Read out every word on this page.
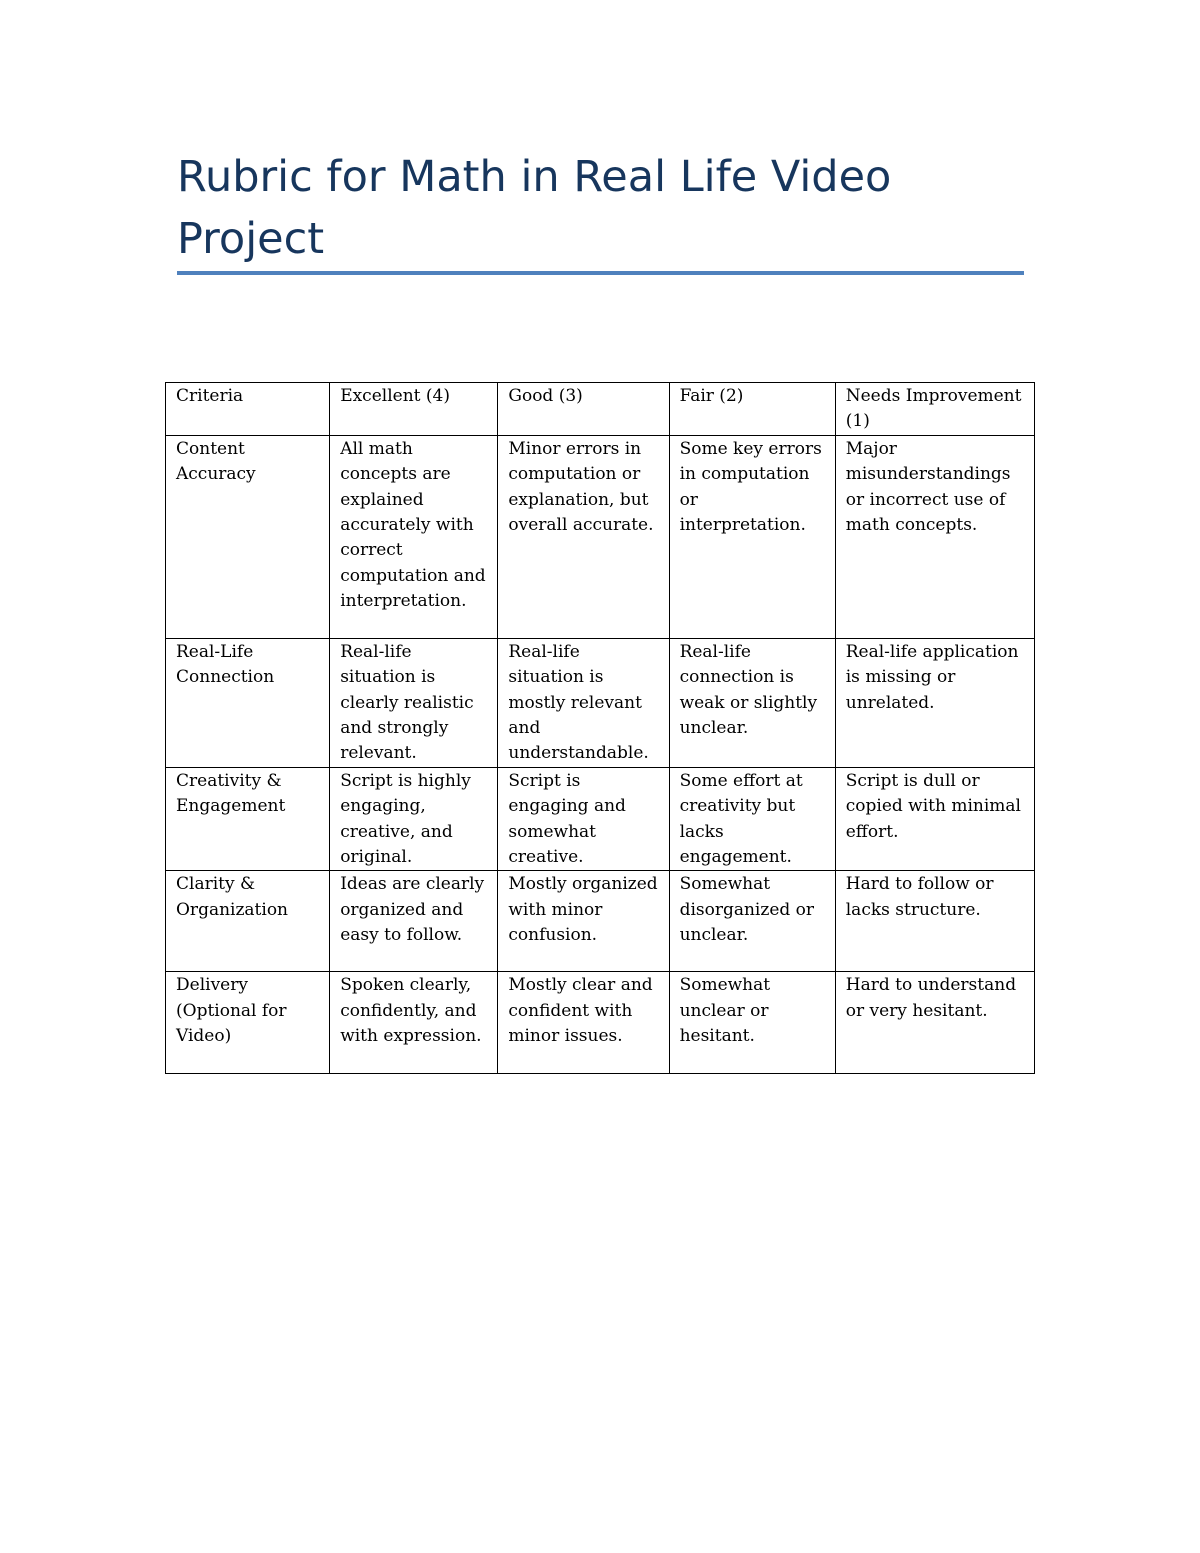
Rubric for Math in Real Life Video Project
Criteria	Excellent (4)	Good (3)	Fair (2)	Needs Improvement (1)
Content Accuracy	All math concepts are explained accurately with correct computation and interpretation.	Minor errors in computation or explanation, but overall accurate.	Some key errors in computation or interpretation.	Major misunderstandings or incorrect use of math concepts.
Real-Life Connection	Real-life situation is clearly realistic and strongly relevant.	Real-life situation is mostly relevant and understandable.	Real-life connection is weak or slightly unclear.	Real-life application is missing or unrelated.
Creativity & Engagement	Script is highly engaging, creative, and original.	Script is engaging and somewhat creative.	Some effort at creativity but lacks engagement.	Script is dull or copied with minimal effort.
Clarity & Organization	Ideas are clearly organized and easy to follow.	Mostly organized with minor confusion.	Somewhat disorganized or unclear.	Hard to follow or lacks structure.
Delivery (Optional for Video)	Spoken clearly, confidently, and with expression.	Mostly clear and confident with minor issues.	Somewhat unclear or hesitant.	Hard to understand or very hesitant.
